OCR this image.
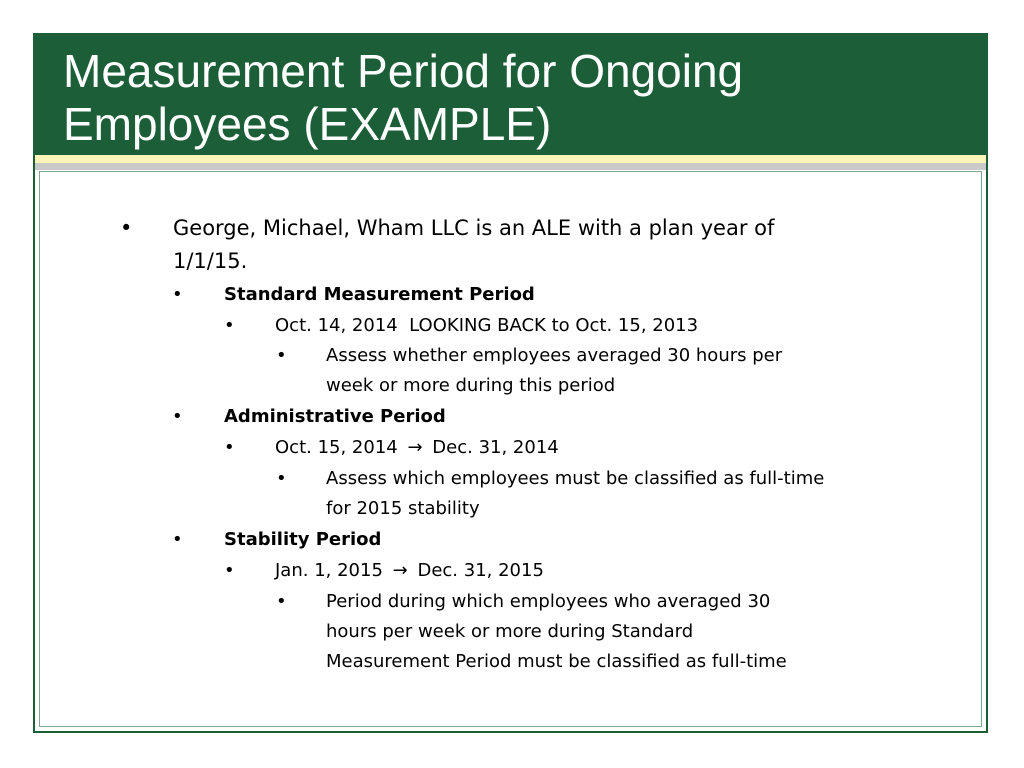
Measurement Period for Ongoing
Employees (EXAMPLE)
• George, Michael, Wham LLC is an ALE with a plan year of

1/1/15.

• Standard Measurement Period

• Oct. 14, 2014  LOOKING BACK to Oct. 15, 2013

• Assess whether employees averaged 30 hours per

week or more during this period

• Administrative Period

• Oct. 15, 2014 → Dec. 31, 2014

• Assess which employees must be classified as full-time

for 2015 stability

• Stability Period

• Jan. 1, 2015 → Dec. 31, 2015

• Period during which employees who averaged 30

hours per week or more during Standard

Measurement Period must be classified as full-time
